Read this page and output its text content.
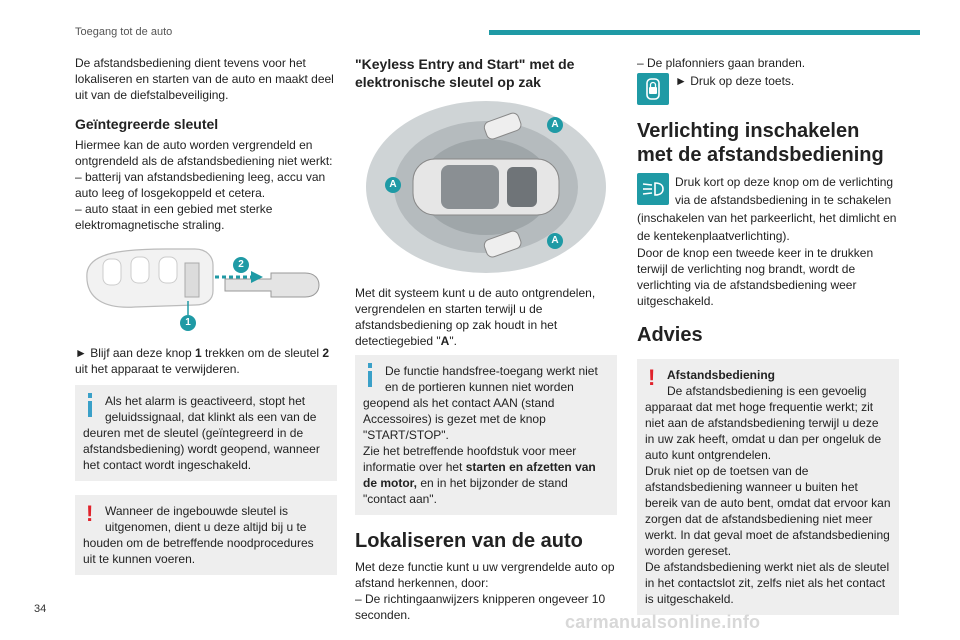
Toegang tot de auto

De afstandsbediening dient tevens voor het lokaliseren en starten van de auto en maakt deel uit van de diefstalbeveiliging.

Geïntegreerde sleutel

Hiermee kan de auto worden vergrendeld en ontgrendeld als de afstandsbediening niet werkt:

– batterij van afstandsbediening leeg, accu van auto leeg of losgekoppeld et cetera.

– auto staat in een gebied met sterke elektromagnetische straling.

2
1

► Blijf aan deze knop 1 trekken om de sleutel 2 uit het apparaat te verwijderen.

Als het alarm is geactiveerd, stopt het geluidssignaal, dat klinkt als een van de deuren met de sleutel (geïntegreerd in de afstandsbediening) wordt geopend, wanneer het contact wordt ingeschakeld.

! Wanneer de ingebouwde sleutel is uitgenomen, dient u deze altijd bij u te houden om de betreffende noodprocedures uit te kunnen voeren.

"Keyless Entry and Start" met de elektronische sleutel op zak
A
A
A

Met dit systeem kunt u de auto ontgrendelen, vergrendelen en starten terwijl u de afstandsbediening op zak houdt in het detectiegebied "A".

De functie handsfree-toegang werkt niet en de portieren kunnen niet worden geopend als het contact AAN (stand Accessoires) is gezet met de knop "START/STOP".

Zie het betreffende hoofdstuk voor meer informatie over het starten en afzetten van de motor, en in het bijzonder de stand "contact aan".

Lokaliseren van de auto

Met deze functie kunt u uw vergrendelde auto op afstand herkennen, door:

– De richtingaanwijzers knipperen ongeveer 10 seconden.

– De plafonniers gaan branden.

► Druk op deze toets.

Verlichting inschakelen met de afstandsbediening

Druk kort op deze knop om de verlichting via de afstandsbediening in te schakelen (inschakelen van het parkeerlicht, het dimlicht en de kentekenplaatverlichting).

Door de knop een tweede keer in te drukken terwijl de verlichting nog brandt, wordt de verlichting via de afstandsbediening weer uitgeschakeld.

Advies
! Afstandsbediening

De afstandsbediening is een gevoelig apparaat dat met hoge frequentie werkt; zit niet aan de afstandsbediening terwijl u deze in uw zak heeft, omdat u dan per ongeluk de auto kunt ontgrendelen.

Druk niet op de toetsen van de afstandsbediening wanneer u buiten het bereik van de auto bent, omdat dat ervoor kan zorgen dat de afstandsbediening niet meer werkt. In dat geval moet de afstandsbediening worden gereset.

De afstandsbediening werkt niet als de sleutel in het contactslot zit, zelfs niet als het contact is uitgeschakeld.

34
carmanualsonline.info
